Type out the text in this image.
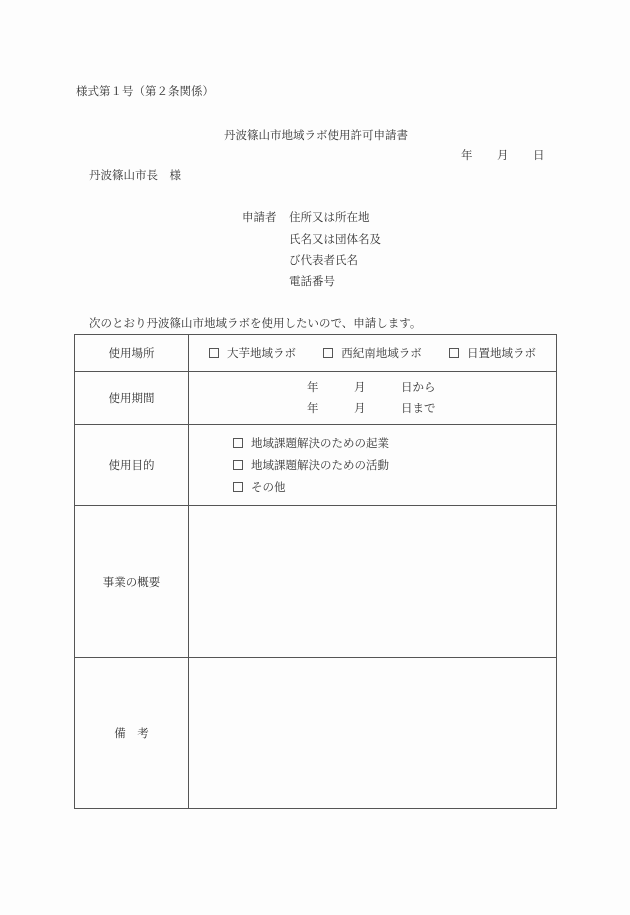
様式第１号（第２条関係）
丹波篠山市地域ラボ使用許可申請書
年 月 日
丹波篠山市長　様
申請者 住所又は所在地
氏名又は団体名及
び代表者氏名
電話番号
次のとおり丹波篠山市地域ラボを使用したいので、申請します。
使用場所	大芋地域ラボ 西紀南地域ラボ 日置地域ラボ

使用期間	
年	月	日から
年	月	日まで

使用目的	地域課題解決のための起業
地域課題解決のための活動
その他

事業の概要	
備　考	
